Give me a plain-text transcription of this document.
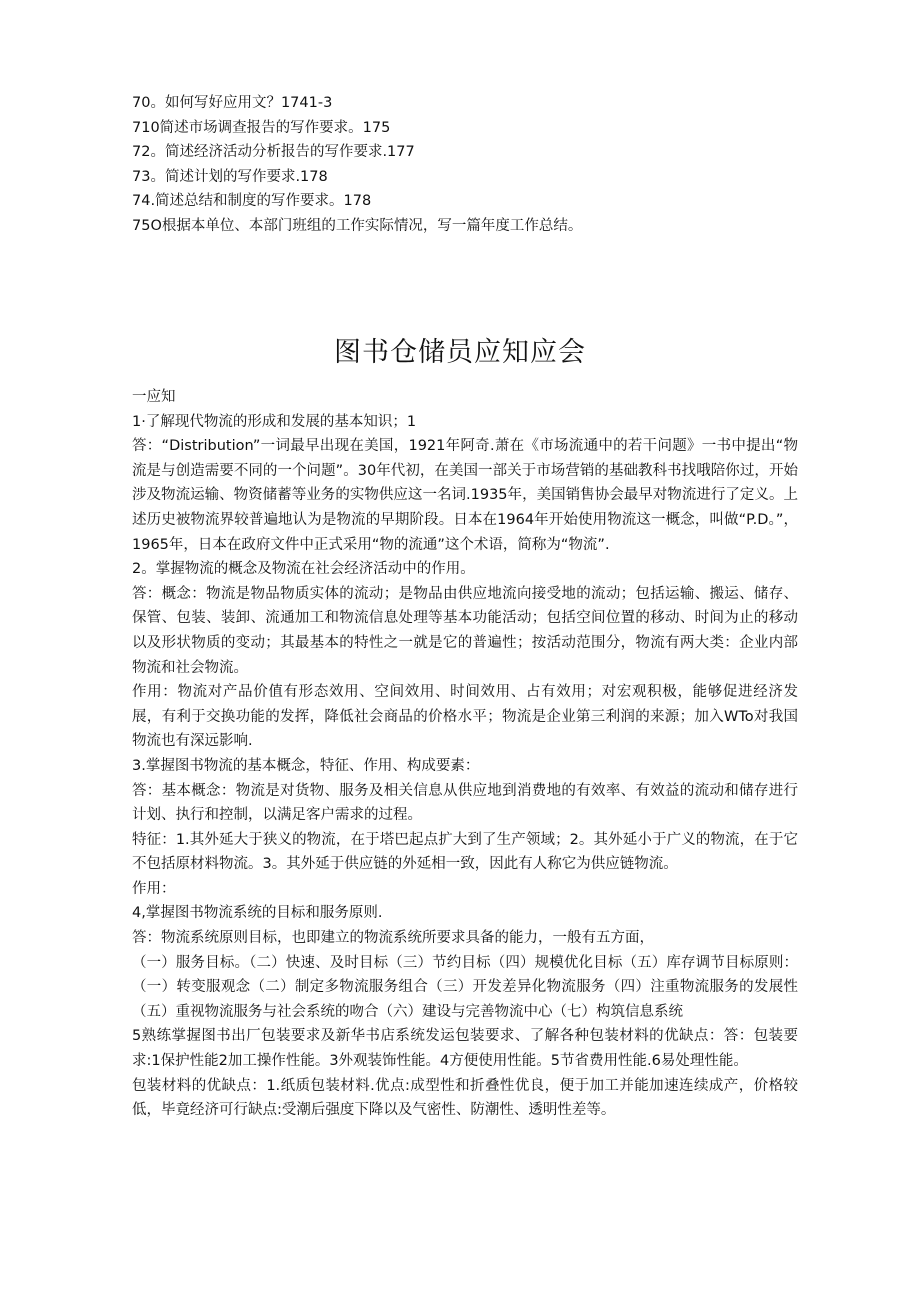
70。如何写好应用文？1741-3
710简述市场调查报告的写作要求。175
72。简述经济活动分析报告的写作要求.177
73。简述计划的写作要求.178
74.简述总结和制度的写作要求。178
75O根据本单位、本部门班组的工作实际情况，写一篇年度工作总结。
图书仓储员应知应会

一应知

1·了解现代物流的形成和发展的基本知识；1

答：“Distribution”一词最早出现在美国，1921年阿奇.萧在《市场流通中的若干问题》一书中提出“物流是与创造需要不同的一个问题”。30年代初，在美国一部关于市场营销的基础教科书找哦陪你过，开始涉及物流运输、物资储蓄等业务的实物供应这一名词.1935年，美国销售协会最早对物流进行了定义。上述历史被物流界较普遍地认为是物流的早期阶段。日本在1964年开始使用物流这一概念，叫做“P.D。”，1965年，日本在政府文件中正式采用“物的流通”这个术语，简称为“物流”.

2。掌握物流的概念及物流在社会经济活动中的作用。

答：概念：物流是物品物质实体的流动；是物品由供应地流向接受地的流动；包括运输、搬运、储存、保管、包装、装卸、流通加工和物流信息处理等基本功能活动；包括空间位置的移动、时间为止的移动以及形状物质的变动；其最基本的特性之一就是它的普遍性；按活动范围分，物流有两大类：企业内部物流和社会物流。

作用：物流对产品价值有形态效用、空间效用、时间效用、占有效用；对宏观积极，能够促进经济发展，有利于交换功能的发挥，降低社会商品的价格水平；物流是企业第三利润的来源；加入WTo对我国物流也有深远影响.

3.掌握图书物流的基本概念，特征、作用、构成要素：

答：基本概念：物流是对货物、服务及相关信息从供应地到消费地的有效率、有效益的流动和储存进行计划、执行和控制，以满足客户需求的过程。

特征：1.其外延大于狭义的物流，在于塔巴起点扩大到了生产领域；2。其外延小于广义的物流，在于它不包括原材料物流。3。其外延于供应链的外延相一致，因此有人称它为供应链物流。

作用：

4,掌握图书物流系统的目标和服务原则.

答：物流系统原则目标，也即建立的物流系统所要求具备的能力，一般有五方面，

（一）服务目标。（二）快速、及时目标（三）节约目标（四）规模优化目标（五）库存调节目标原则：（一）转变服观念（二）制定多物流服务组合（三）开发差异化物流服务（四）注重物流服务的发展性（五）重视物流服务与社会系统的吻合（六）建设与完善物流中心（七）构筑信息系统

5熟练掌握图书出厂包装要求及新华书店系统发运包装要求、了解各种包装材料的优缺点：答：包装要求:1保护性能2加工操作性能。3外观装饰性能。4方便使用性能。5节省费用性能.6易处理性能。

包装材料的优缺点：1.纸质包装材料.优点:成型性和折叠性优良，便于加工并能加速连续成产，价格较低，毕竟经济可行缺点:受潮后强度下降以及气密性、防潮性、透明性差等。
